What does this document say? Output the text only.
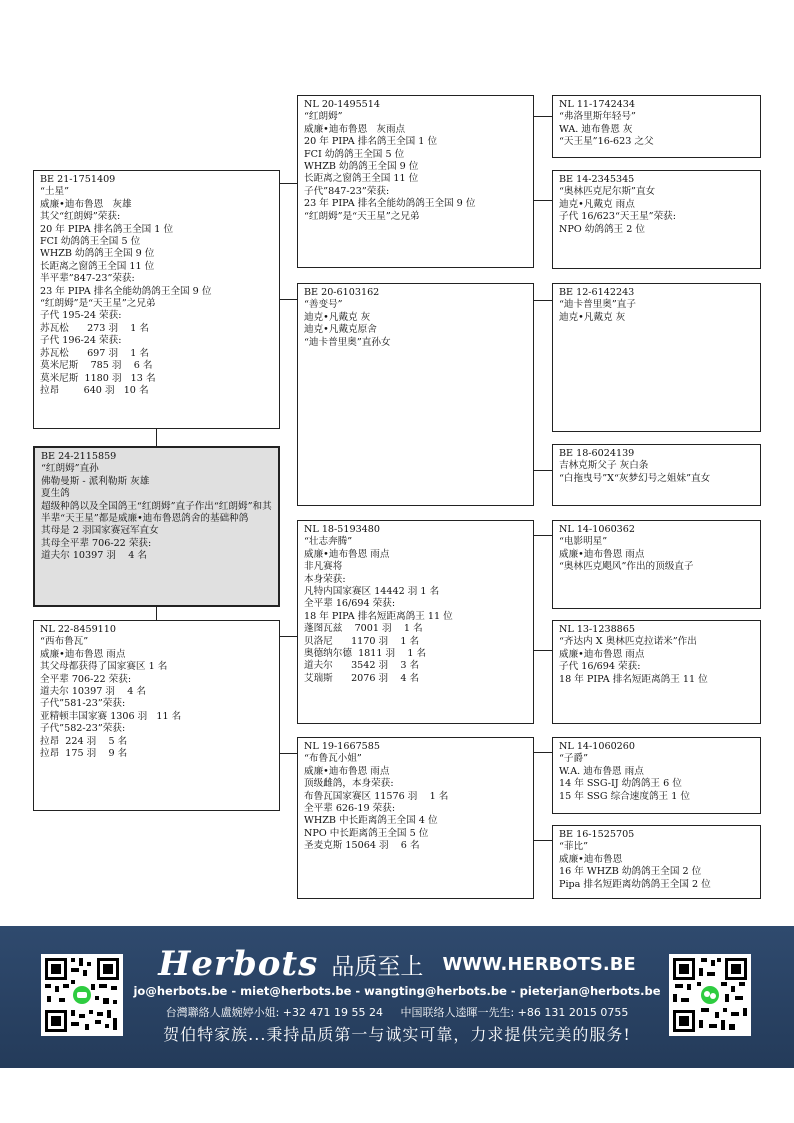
BE 21-1751409
“土星”
威廉•迪布鲁恩   灰雄
其父“红朗姆”荣获:
20 年 PIPA 排名鸽王全国 1 位
FCI 幼鸽鸽王全国 5 位
WHZB 幼鸽鸽王全国 9 位
长距离之窗鸽王全国 11 位
半平辈”847-23”荣获:
23 年 PIPA 排名全能幼鸽鸽王全国 9 位
“红朗姆”是“天王星”之兄弟
子代 195-24 荣获:
苏瓦松      273 羽    1 名
子代 196-24 荣获:
苏瓦松      697 羽    1 名
莫米尼斯    785 羽    6 名
莫米尼斯  1180 羽   13 名
拉昂        640 羽   10 名
BE 24-2115859
“红朗姆”直孙
佛勒曼斯 - 派利勒斯 灰雄
夏生鸽
超级种鸽以及全国鸽王“红朗姆”直子作出“红朗姆”和其半辈“天王星”都是威廉•迪布鲁恩鸽舍的基础种鸽
其母是 2 羽国家赛冠军直女
其母全平辈 706-22 荣获:
道夫尔 10397 羽    4 名
NL 22-8459110
“西布鲁瓦”
威廉•迪布鲁恩 雨点
其父母都获得了国家赛区 1 名
全平辈 706-22 荣获:
道夫尔 10397 羽    4 名
子代”581-23”荣获:
亚精顿丰国家赛 1306 羽   11 名
子代”582-23”荣获:
拉昂  224 羽    5 名
拉昂  175 羽    9 名
NL 20-1495514
“红朗姆”
威廉•迪布鲁恩   灰雨点
20 年 PIPA 排名鸽王全国 1 位
FCI 幼鸽鸽王全国 5 位
WHZB 幼鸽鸽王全国 9 位
长距离之窗鸽王全国 11 位
子代”847-23”荣获:
23 年 PIPA 排名全能幼鸽鸽王全国 9 位
“红朗姆”是“天王星”之兄弟
BE 20-6103162
“善变号”
迪克•凡戴克 灰
迪克•凡戴克原舍
“迪卡普里奥”直孙女
NL 18-5193480
“壮志奔腾”
威廉•迪布鲁恩 雨点
非凡赛将
本身荣获:
凡特内国家赛区 14442 羽 1 名
全平辈 16/694 荣获:
18 年 PIPA 排名短距离鸽王 11 位
蓬图瓦兹    7001 羽    1 名
贝洛尼      1170 羽    1 名
奥德纳尔德  1811 羽    1 名
道夫尔      3542 羽    3 名
艾瑞斯      2076 羽    4 名
NL 19-1667585
“布鲁瓦小姐”
威廉•迪布鲁恩 雨点
顶级雌鸽，本身荣获:
布鲁瓦国家赛区 11576 羽    1 名
全平辈 626-19 荣获:
WHZB 中长距离鸽王全国 4 位
NPO 中长距离鸽王全国 5 位
圣麦克斯 15064 羽    6 名
NL 11-1742434
“弗洛里斯年轻号”
WA. 迪布鲁恩 灰
“天王星”16-623 之父
BE 14-2345345
“奥林匹克尼尔斯”直女
迪克•凡戴克 雨点
子代 16/623“天王星”荣获:
NPO 幼鸽鸽王 2 位
BE 12-6142243
“迪卡普里奥”直子
迪克•凡戴克 灰
BE 18-6024139
吉林克斯父子 灰白条
“白拖曳号”X“灰梦幻号之姐妹”直女
NL 14-1060362
“电影明星”
威廉•迪布鲁恩 雨点
“奥林匹克飓风”作出的顶级直子
NL 13-1238865
“齐达内 X 奥林匹克拉诺米”作出
威廉•迪布鲁恩 雨点
子代 16/694 荣获:
18 年 PIPA 排名短距离鸽王 11 位
NL 14-1060260
“子爵”
W.A. 迪布鲁恩 雨点
14 年 SSG-IJ 幼鸽鸽王 6 位
15 年 SSG 综合速度鸽王 1 位
BE 16-1525705
“菲比”
威廉•迪布鲁恩
16 年 WHZB 幼鸽鸽王全国 2 位
Pipa 排名短距离幼鸽鸽王全国 2 位
Herbots 品质至上 WWW.HERBOTS.BE
jo@herbots.be - miet@herbots.be - wangting@herbots.be - pieterjan@herbots.be
台灣聯絡人盧婉婷小姐: +32 471 19 55 24 中国联络人逵暉一先生: +86 131 2015 0755
贺伯特家族...秉持品质第一与诚实可靠，力求提供完美的服务!
